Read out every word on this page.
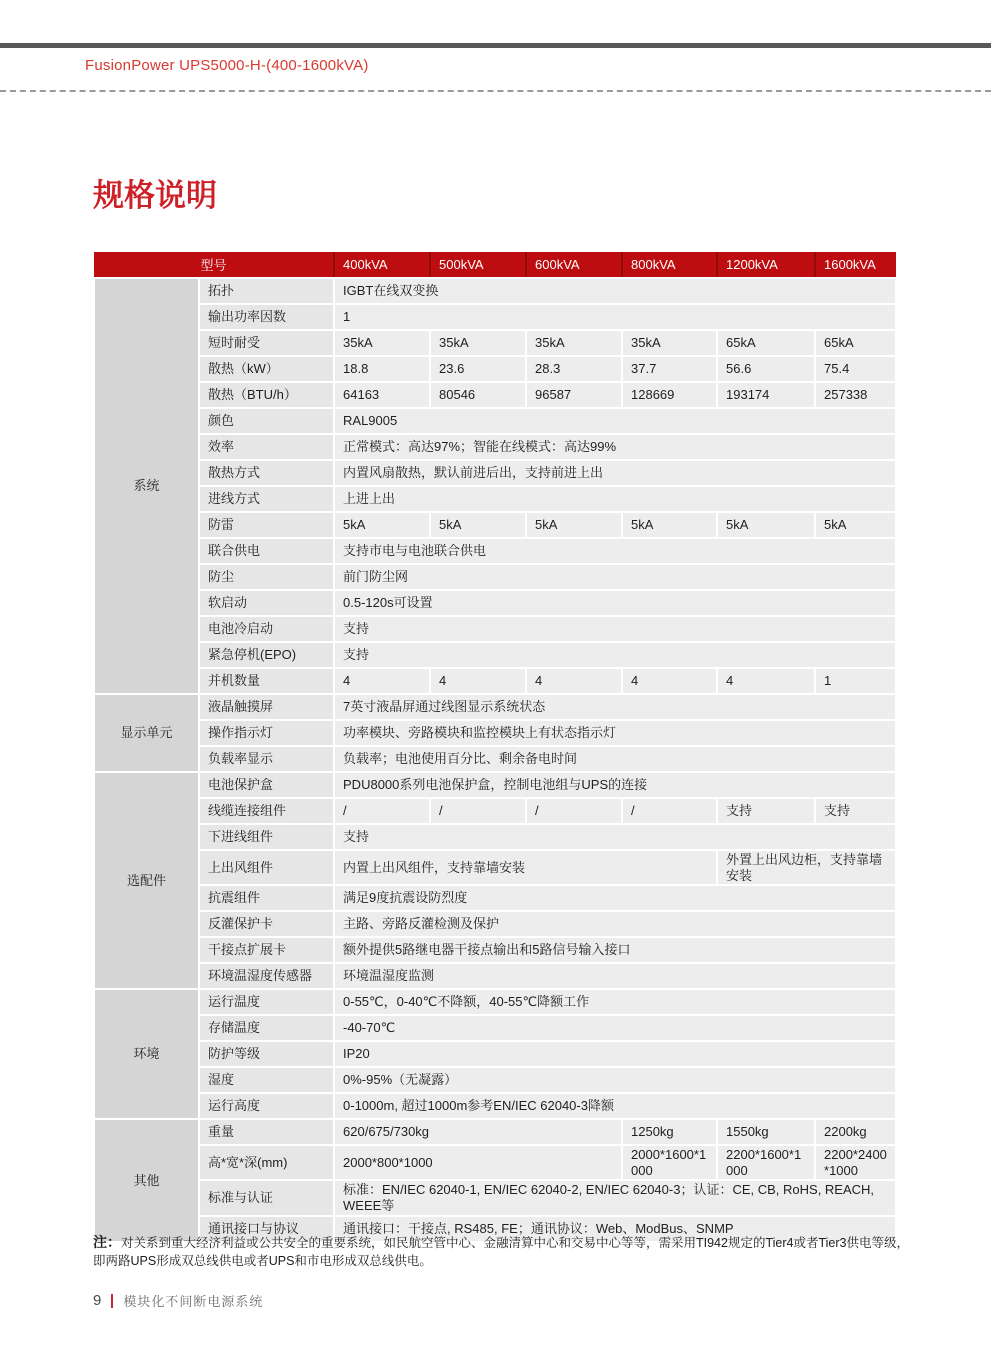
FusionPower UPS5000-H-(400-1600kVA)
规格说明
型号		400kVA	500kVA	600kVA	800kVA	1200kVA	1600kVA
系统	拓扑	IGBT在线双变换					
	输出功率因数	1					
	短时耐受	35kA	35kA	35kA	35kA	65kA	65kA
	散热（kW）	18.8	23.6	28.3	37.7	56.6	75.4
	散热（BTU/h）	64163	80546	96587	128669	193174	257338
	颜色	RAL9005					
	效率	正常模式：高达97%；智能在线模式：高达99%					
	散热方式	内置风扇散热，默认前进后出，支持前进上出					
	进线方式	上进上出					
	防雷	5kA	5kA	5kA	5kA	5kA	5kA
	联合供电	支持市电与电池联合供电					
	防尘	前门防尘网					
	软启动	0.5-120s可设置					
	电池冷启动	支持					
	紧急停机(EPO)	支持					
	并机数量	4	4	4	4	4	1
显示单元	液晶触摸屏	7英寸液晶屏通过线图显示系统状态					
	操作指示灯	功率模块、旁路模块和监控模块上有状态指示灯					
	负载率显示	负载率；电池使用百分比、剩余备电时间					
选配件	电池保护盒	PDU8000系列电池保护盒，控制电池组与UPS的连接					
	线缆连接组件	/	/	/	/	支持	支持
	下进线组件	支持					
	上出风组件	内置上出风组件，支持靠墙安装				外置上出风边柜，支持靠墙安装	
	抗震组件	满足9度抗震设防烈度					
	反灌保护卡	主路、旁路反灌检测及保护					
	干接点扩展卡	额外提供5路继电器干接点输出和5路信号输入接口					
	环境温湿度传感器	环境温湿度监测					
环境	运行温度	0-55℃，0-40℃不降额，40-55℃降额工作					
	存储温度	-40-70℃					
	防护等级	IP20					
	湿度	0%-95%（无凝露）					
	运行高度	0-1000m, 超过1000m参考EN/IEC 62040-3降额					
其他	重量	620/675/730kg			1250kg	1550kg	2200kg
	高*宽*深(mm)	2000*800*1000			2000*1600*1000	2200*1600*1000	2200*2400*1000
	标准与认证	标准：EN/IEC 62040-1, EN/IEC 62040-2, EN/IEC 62040-3；认证：CE, CB, RoHS, REACH, WEEE等					
	通讯接口与协议	通讯接口：干接点, RS485, FE；通讯协议：Web、ModBus、SNMP					

注：对关系到重大经济利益或公共安全的重要系统，如民航空管中心、金融清算中心和交易中心等等，需采用TI942规定的Tier4或者Tier3供电等级，即两路UPS形成双总线供电或者UPS和市电形成双总线供电。

9 模块化不间断电源系统
